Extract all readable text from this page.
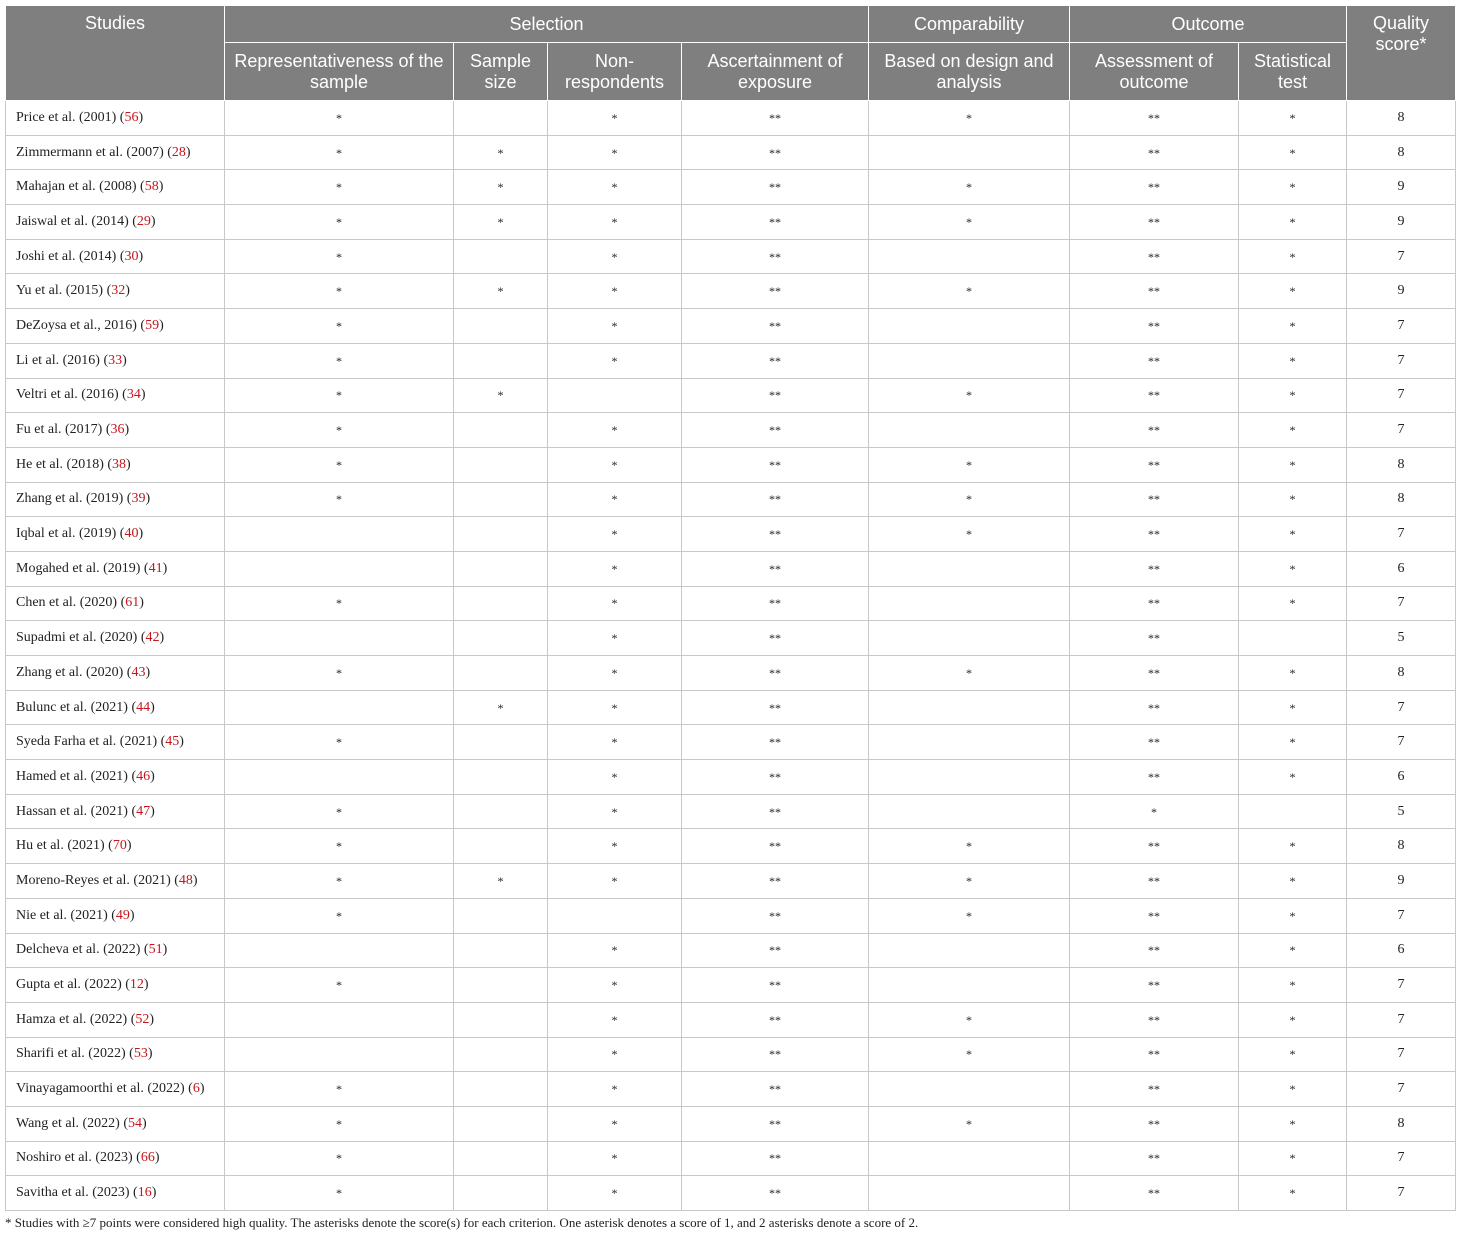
Studies	Selection				Comparability	Outcome		Quality score*
	Representativeness of the sample	Sample size	Non-respondents	Ascertainment of exposure	Based on design and analysis	Assessment of outcome	Statistical test	
Price et al. (2001) (56)	*		*	**	*	**	*	8
Zimmermann et al. (2007) (28)	*	*	*	**		**	*	8
Mahajan et al. (2008) (58)	*	*	*	**	*	**	*	9
Jaiswal et al. (2014) (29)	*	*	*	**	*	**	*	9
Joshi et al. (2014) (30)	*		*	**		**	*	7
Yu et al. (2015) (32)	*	*	*	**	*	**	*	9
DeZoysa et al., 2016) (59)	*		*	**		**	*	7
Li et al. (2016) (33)	*		*	**		**	*	7
Veltri et al. (2016) (34)	*	*		**	*	**	*	7
Fu et al. (2017) (36)	*		*	**		**	*	7
He et al. (2018) (38)	*		*	**	*	**	*	8
Zhang et al. (2019) (39)	*		*	**	*	**	*	8
Iqbal et al. (2019) (40)			*	**	*	**	*	7
Mogahed et al. (2019) (41)			*	**		**	*	6
Chen et al. (2020) (61)	*		*	**		**	*	7
Supadmi et al. (2020) (42)			*	**		**		5
Zhang et al. (2020) (43)	*		*	**	*	**	*	8
Bulunc et al. (2021) (44)		*	*	**		**	*	7
Syeda Farha et al. (2021) (45)	*		*	**		**	*	7
Hamed et al. (2021) (46)			*	**		**	*	6
Hassan et al. (2021) (47)	*		*	**		*		5
Hu et al. (2021) (70)	*		*	**	*	**	*	8
Moreno-Reyes et al. (2021) (48)	*	*	*	**	*	**	*	9
Nie et al. (2021) (49)	*			**	*	**	*	7
Delcheva et al. (2022) (51)			*	**		**	*	6
Gupta et al. (2022) (12)	*		*	**		**	*	7
Hamza et al. (2022) (52)			*	**	*	**	*	7
Sharifi et al. (2022) (53)			*	**	*	**	*	7
Vinayagamoorthi et al. (2022) (6)	*		*	**		**	*	7
Wang et al. (2022) (54)	*		*	**	*	**	*	8
Noshiro et al. (2023) (66)	*		*	**		**	*	7
Savitha et al. (2023) (16)	*		*	**		**	*	7
* Studies with ≥7 points were considered high quality. The asterisks denote the score(s) for each criterion. One asterisk denotes a score of 1, and 2 asterisks denote a score of 2.
